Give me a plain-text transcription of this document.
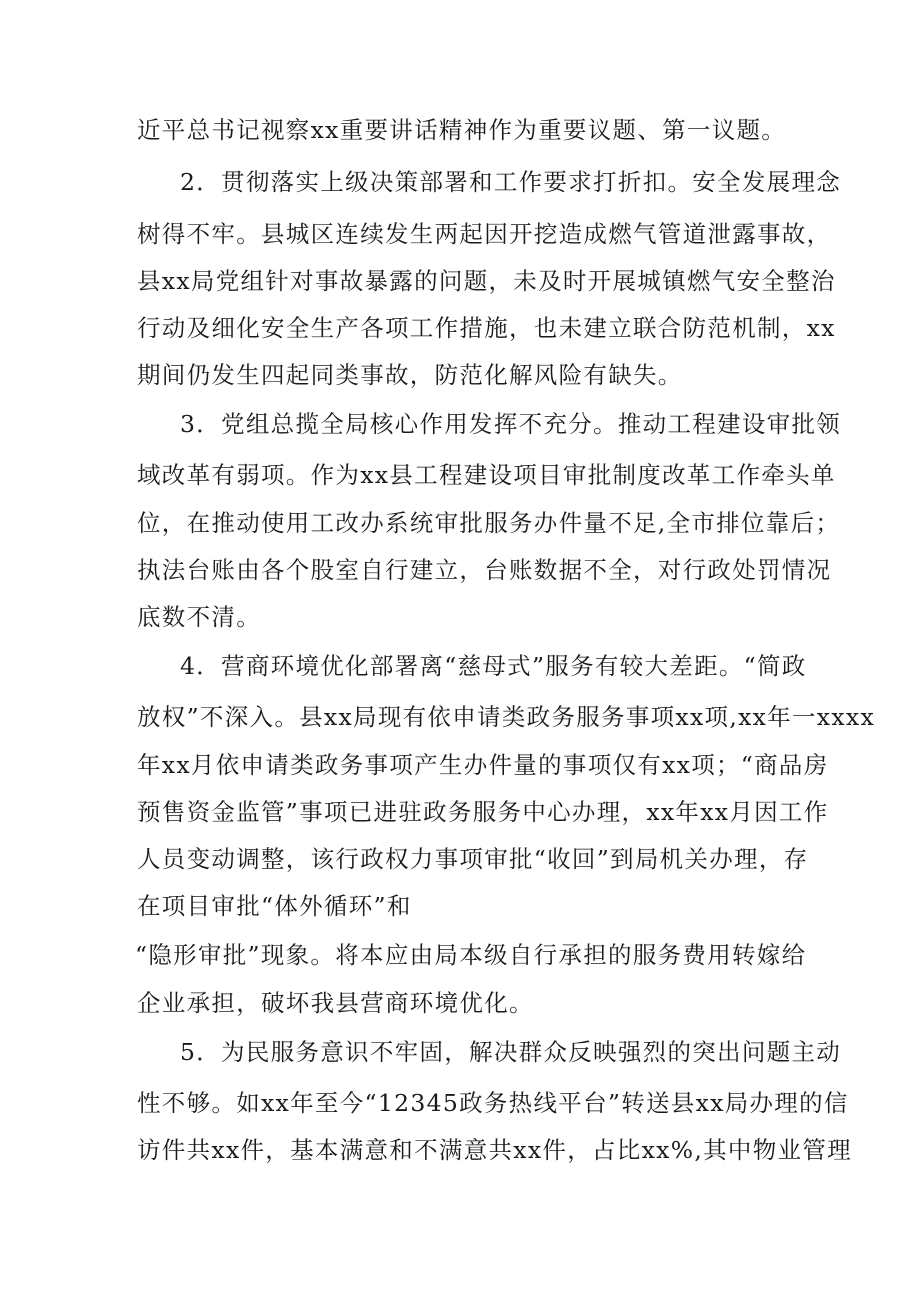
近平总书记视察xx重要讲话精神作为重要议题、第一议题。
2．贯彻落实上级决策部署和工作要求打折扣。安全发展理念
树得不牢。县城区连续发生两起因开挖造成燃气管道泄露事故，
县xx局党组针对事故暴露的问题，未及时开展城镇燃气安全整治
行动及细化安全生产各项工作措施，也未建立联合防范机制，xx
期间仍发生四起同类事故，防范化解风险有缺失。
3．党组总揽全局核心作用发挥不充分。推动工程建设审批领
域改革有弱项。作为xx县工程建设项目审批制度改革工作牵头单
位，在推动使用工改办系统审批服务办件量不足,全市排位靠后；
执法台账由各个股室自行建立，台账数据不全，对行政处罚情况
底数不清。
4．营商环境优化部署离“慈母式”服务有较大差距。“简政
放权”不深入。县xx局现有依申请类政务服务事项xx项,xx年一xxxx
年xx月依申请类政务事项产生办件量的事项仅有xx项；“商品房
预售资金监管”事项已进驻政务服务中心办理，xx年xx月因工作
人员变动调整，该行政权力事项审批“收回”到局机关办理，存
在项目审批“体外循环”和
“隐形审批”现象。将本应由局本级自行承担的服务费用转嫁给
企业承担，破坏我县营商环境优化。
5．为民服务意识不牢固，解决群众反映强烈的突出问题主动
性不够。如xx年至今“12345政务热线平台”转送县xx局办理的信
访件共xx件，基本满意和不满意共xx件，占比xx%,其中物业管理
